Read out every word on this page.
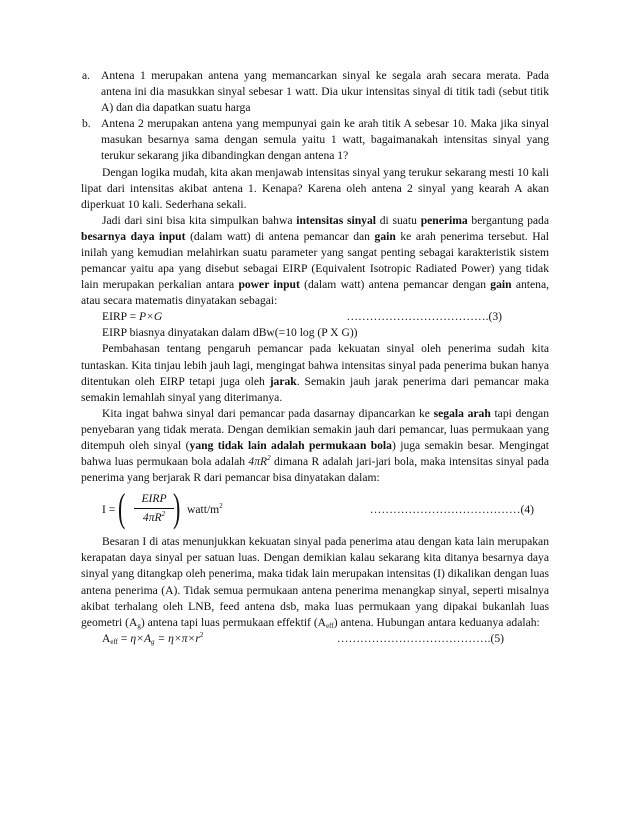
a. Antena 1 merupakan antena yang memancarkan sinyal ke segala arah secara merata. Pada antena ini dia masukkan sinyal sebesar 1 watt. Dia ukur intensitas sinyal di titik tadi (sebut titik A) dan dia dapatkan suatu harga
b. Antena 2 merupakan antena yang mempunyai gain ke arah titik A sebesar 10. Maka jika sinyal masukan besarnya sama dengan semula yaitu 1 watt, bagaimanakah intensitas sinyal yang terukur sekarang jika dibandingkan dengan antena 1?

Dengan logika mudah, kita akan menjawab intensitas sinyal yang terukur sekarang mesti 10 kali lipat dari intensitas akibat antena 1. Kenapa? Karena oleh antena 2 sinyal yang kearah A akan diperkuat 10 kali. Sederhana sekali.

Jadi dari sini bisa kita simpulkan bahwa intensitas sinyal di suatu penerima bergantung pada besarnya daya input (dalam watt) di antena pemancar dan gain ke arah penerima tersebut. Hal inilah yang kemudian melahirkan suatu parameter yang sangat penting sebagai karakteristik sistem pemancar yaitu apa yang disebut sebagai EIRP (Equivalent Isotropic Radiated Power) yang tidak lain merupakan perkalian antara power input (dalam watt) antena pemancar dengan gain antena, atau secara matematis dinyatakan sebagai:

EIRP = P×G	……………………………….(3)
EIRP biasnya dinyatakan dalam dBw(=10 log (P X G))

Pembahasan tentang pengaruh pemancar pada kekuatan sinyal oleh penerima sudah kita tuntaskan. Kita tinjau lebih jauh lagi, mengingat bahwa intensitas sinyal pada penerima bukan hanya ditentukan oleh EIRP tetapi juga oleh jarak. Semakin jauh jarak penerima dari pemancar maka semakin lemahlah sinyal yang diterimanya.

Kita ingat bahwa sinyal dari pemancar pada dasarnay dipancarkan ke segala arah tapi dengan penyebaran yang tidak merata. Dengan demikian semakin jauh dari pemancar, luas permukaan yang ditempuh oleh sinyal (yang tidak lain adalah permukaan bola) juga semakin besar. Mengingat bahwa luas permukaan bola adalah $4\pi R^2$ dimana R adalah jari-jari bola, maka intensitas sinyal pada penerima yang berjarak R dari pemancar bisa dinyatakan dalam:

I = (	EIRP
$4\pi R^2$ ) watt/$m^2$	…………………………………(4)

Besaran I di atas menunjukkan kekuatan sinyal pada penerima atau dengan kata lain merupakan kerapatan daya sinyal per satuan luas. Dengan demikian kalau sekarang kita ditanya besarnya daya sinyal yang ditangkap oleh penerima, maka tidak lain merupakan intensitas (I) dikalikan dengan luas antena penerima (A). Tidak semua permukaan antena penerima menangkap sinyal, seperti misalnya akibat terhalang oleh LNB, feed antena dsb, maka luas permukaan yang dipakai bukanlah luas geometri $(A_g)$ antena tapi luas permukaan effektif $(A_{eff})$ antena. Hubungan antara keduanya adalah:

$A_{eff} = \eta\times A_g = \eta\times\pi\times r^2$	………………………………….(5)
